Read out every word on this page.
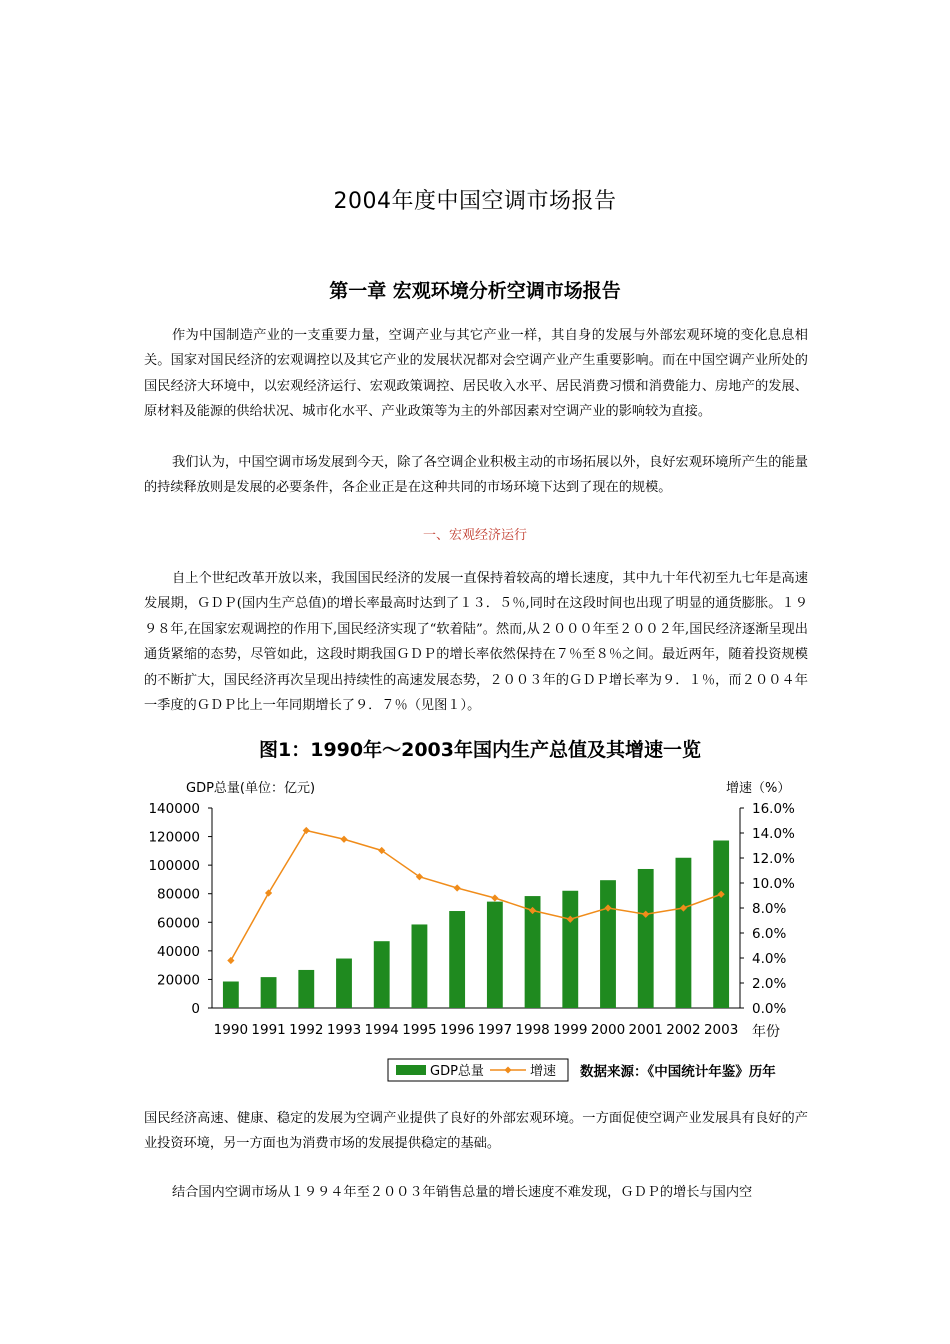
2004年度中国空调市场报告
第一章 宏观环境分析空调市场报告

作为中国制造产业的一支重要力量，空调产业与其它产业一样，其自身的发展与外部宏观环境的变化息息相关。国家对国民经济的宏观调控以及其它产业的发展状况都对会空调产业产生重要影响。而在中国空调产业所处的国民经济大环境中，以宏观经济运行、宏观政策调控、居民收入水平、居民消费习惯和消费能力、房地产的发展、原材料及能源的供给状况、城市化水平、产业政策等为主的外部因素对空调产业的影响较为直接。

我们认为，中国空调市场发展到今天，除了各空调企业积极主动的市场拓展以外，良好宏观环境所产生的能量的持续释放则是发展的必要条件，各企业正是在这种共同的市场环境下达到了现在的规模。

一、宏观经济运行

自上个世纪改革开放以来，我国国民经济的发展一直保持着较高的增长速度，其中九十年代初至九七年是高速发展期，ＧＤＰ(国内生产总值)的增长率最高时达到了１３．５％,同时在这段时间也出现了明显的通货膨胀。１９９８年,在国家宏观调控的作用下,国民经济实现了“软着陆”。然而,从２０００年至２００２年,国民经济逐渐呈现出通货紧缩的态势，尽管如此，这段时期我国ＧＤＰ的增长率依然保持在７％至８％之间。最近两年，随着投资规模的不断扩大，国民经济再次呈现出持续性的高速发展态势，２００３年的ＧＤＰ增长率为９．１％，而２００４年一季度的ＧＤＰ比上一年同期增长了９．７％（见图１）。

图1：1990年～2003年国内生产总值及其增速一览
GDP总量(单位：亿元)	增速（%）
0
20000
40000
60000
80000
100000
120000
140000
0.0%
2.0%
4.0%
6.0%
8.0%
10.0%
12.0%
14.0%
16.0%
1990 1991 1992 1993 1994 1995 1996 1997 1998 1999 2000 2001 2002 2003 年份
GDP总量	增速 数据来源：《中国统计年鉴》历年

国民经济高速、健康、稳定的发展为空调产业提供了良好的外部宏观环境。一方面促使空调产业发展具有良好的产业投资环境，另一方面也为消费市场的发展提供稳定的基础。

结合国内空调市场从１９９４年至２００３年销售总量的增长速度不难发现，ＧＤＰ的增长与国内空
